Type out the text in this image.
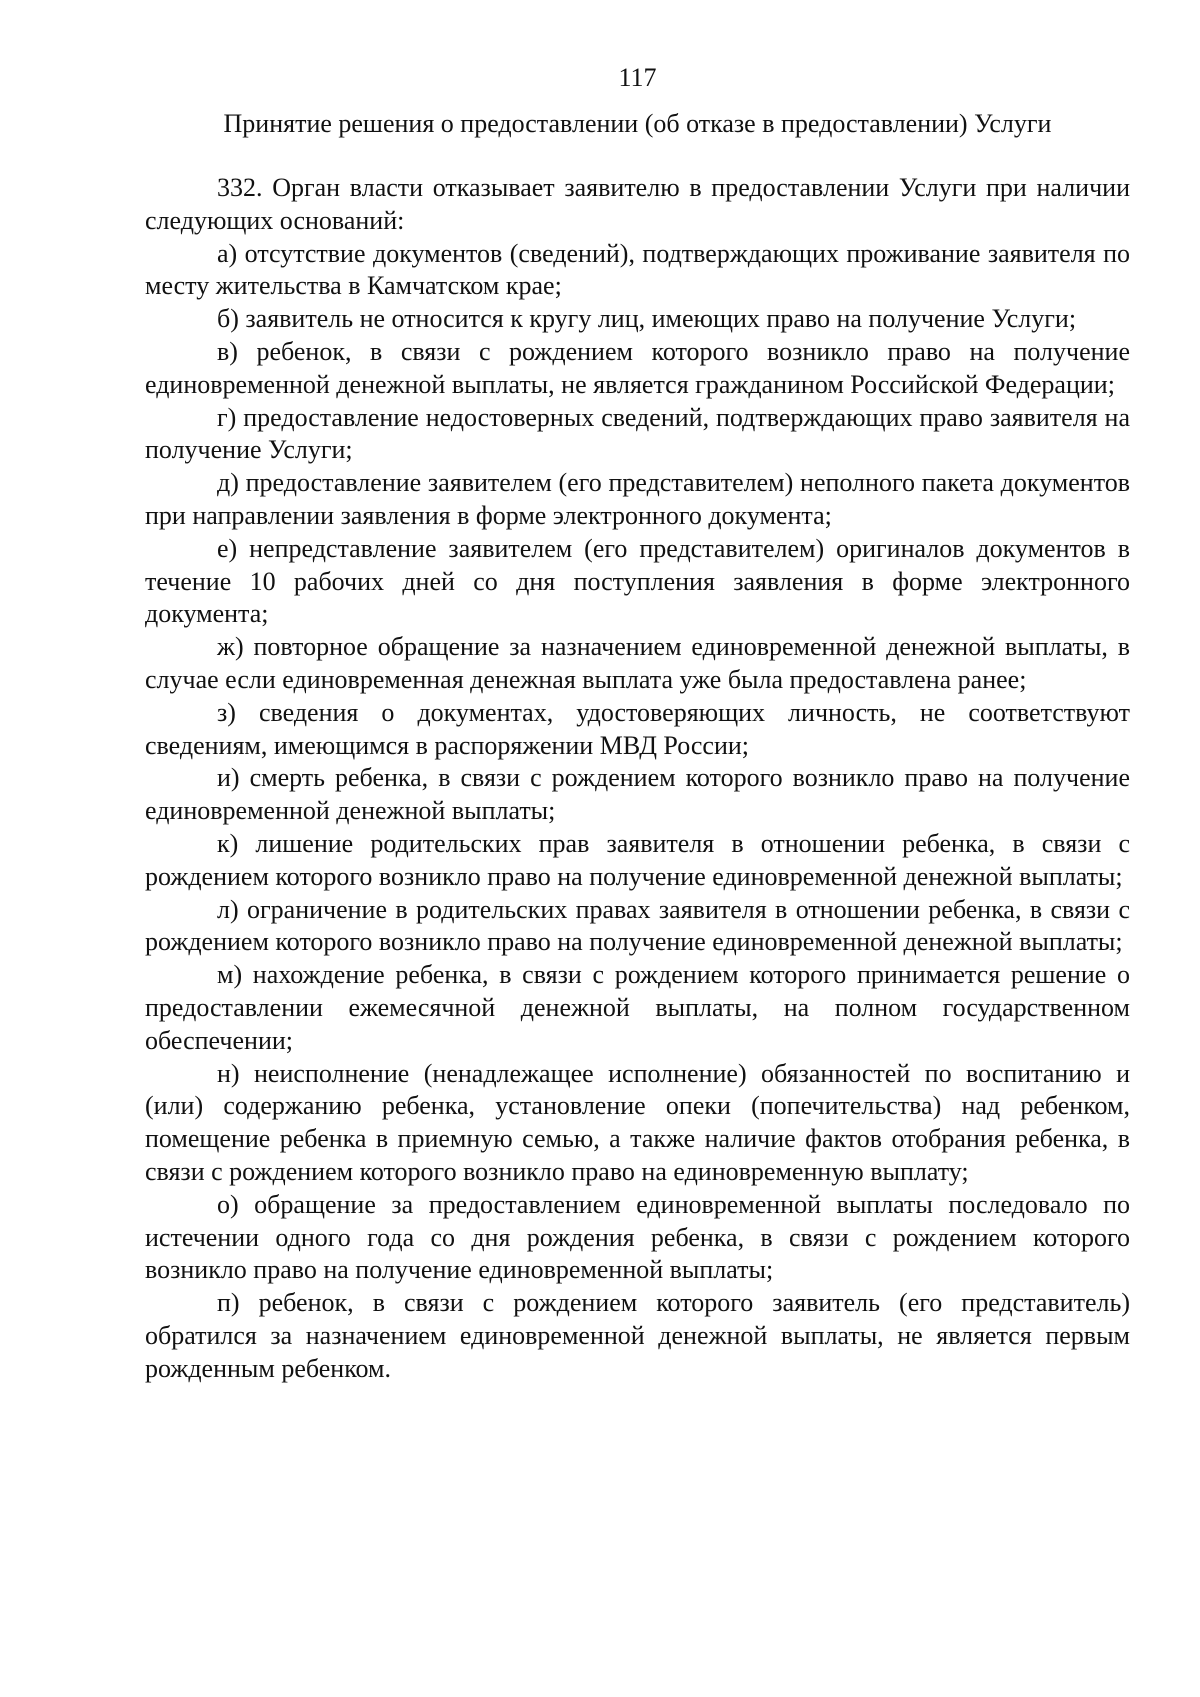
117
Принятие решения о предоставлении (об отказе в предоставлении) Услуги

332. Орган власти отказывает заявителю в предоставлении Услуги при наличии следующих оснований:

а) отсутствие документов (сведений), подтверждающих проживание заявителя по месту жительства в Камчатском крае;

б) заявитель не относится к кругу лиц, имеющих право на получение Услуги;

в) ребенок, в связи с рождением которого возникло право на получение единовременной денежной выплаты, не является гражданином Российской Федерации;

г) предоставление недостоверных сведений, подтверждающих право заявителя на получение Услуги;

д) предоставление заявителем (его представителем) неполного пакета документов при направлении заявления в форме электронного документа;

е) непредставление заявителем (его представителем) оригиналов документов в течение 10 рабочих дней со дня поступления заявления в форме электронного документа;

ж) повторное обращение за назначением единовременной денежной выплаты, в случае если единовременная денежная выплата уже была предоставлена ранее;

з) сведения о документах, удостоверяющих личность, не соответствуют сведениям, имеющимся в распоряжении МВД России;

и) смерть ребенка, в связи с рождением которого возникло право на получение единовременной денежной выплаты;

к) лишение родительских прав заявителя в отношении ребенка, в связи с рождением которого возникло право на получение единовременной денежной выплаты;

л) ограничение в родительских правах заявителя в отношении ребенка, в связи с рождением которого возникло право на получение единовременной денежной выплаты;

м) нахождение ребенка, в связи с рождением которого принимается решение о предоставлении ежемесячной денежной выплаты, на полном государственном обеспечении;

н) неисполнение (ненадлежащее исполнение) обязанностей по воспитанию и (или) содержанию ребенка, установление опеки (попечительства) над ребенком, помещение ребенка в приемную семью, а также наличие фактов отобрания ребенка, в связи с рождением которого возникло право на единовременную выплату;

о) обращение за предоставлением единовременной выплаты последовало по истечении одного года со дня рождения ребенка, в связи с рождением которого возникло право на получение единовременной выплаты;

п) ребенок, в связи с рождением которого заявитель (его представитель) обратился за назначением единовременной денежной выплаты, не является первым рожденным ребенком.
